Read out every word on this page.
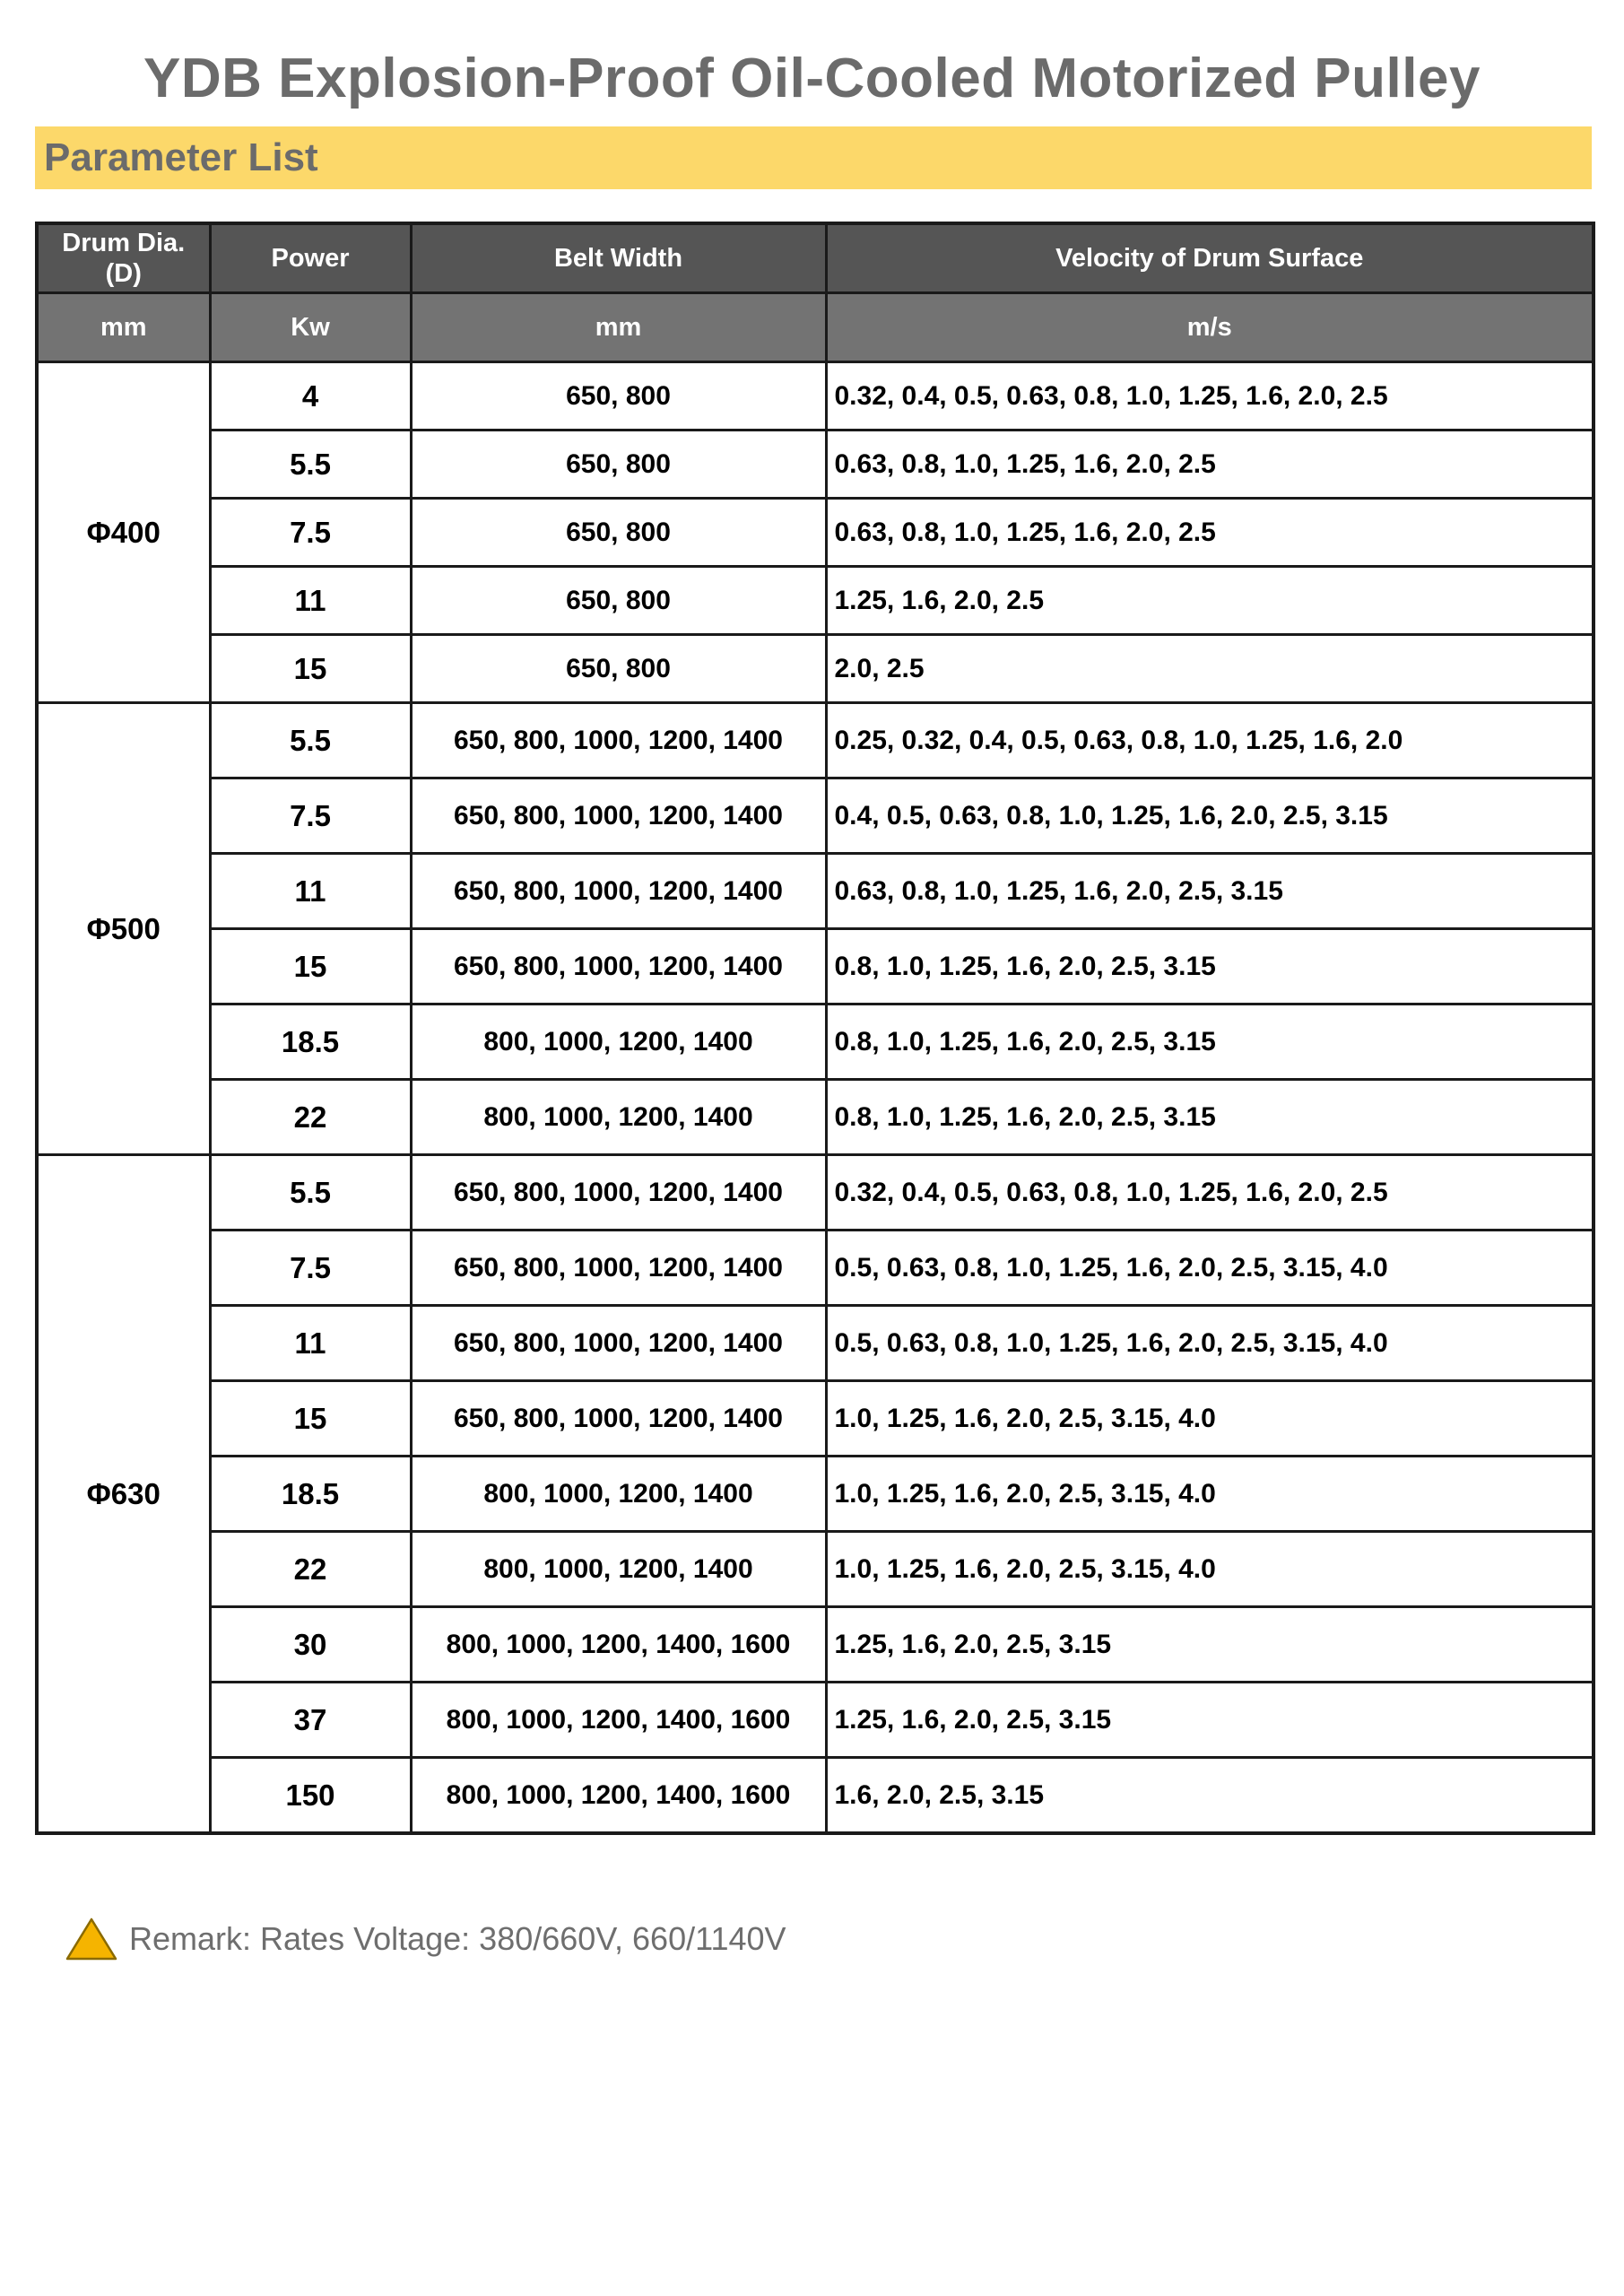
YDB Explosion-Proof Oil-Cooled Motorized Pulley
Parameter List
Drum Dia. (D)	Power	Belt Width	Velocity of Drum Surface
mm	Kw	mm	m/s
Φ400	4	650, 800	0.32, 0.4, 0.5, 0.63, 0.8, 1.0, 1.25, 1.6, 2.0, 2.5
	5.5	650, 800	0.63, 0.8, 1.0, 1.25, 1.6, 2.0, 2.5
	7.5	650, 800	0.63, 0.8, 1.0, 1.25, 1.6, 2.0, 2.5
	11	650, 800	1.25, 1.6, 2.0, 2.5
	15	650, 800	2.0, 2.5
Φ500	5.5	650, 800, 1000, 1200, 1400	0.25, 0.32, 0.4, 0.5, 0.63, 0.8, 1.0, 1.25, 1.6, 2.0
	7.5	650, 800, 1000, 1200, 1400	0.4, 0.5, 0.63, 0.8, 1.0, 1.25, 1.6, 2.0, 2.5, 3.15
	11	650, 800, 1000, 1200, 1400	0.63, 0.8, 1.0, 1.25, 1.6, 2.0, 2.5, 3.15
	15	650, 800, 1000, 1200, 1400	0.8, 1.0, 1.25, 1.6, 2.0, 2.5, 3.15
	18.5	800, 1000, 1200, 1400	0.8, 1.0, 1.25, 1.6, 2.0, 2.5, 3.15
	22	800, 1000, 1200, 1400	0.8, 1.0, 1.25, 1.6, 2.0, 2.5, 3.15
Φ630	5.5	650, 800, 1000, 1200, 1400	0.32, 0.4, 0.5, 0.63, 0.8, 1.0, 1.25, 1.6, 2.0, 2.5
	7.5	650, 800, 1000, 1200, 1400	0.5, 0.63, 0.8, 1.0, 1.25, 1.6, 2.0, 2.5, 3.15, 4.0
	11	650, 800, 1000, 1200, 1400	0.5, 0.63, 0.8, 1.0, 1.25, 1.6, 2.0, 2.5, 3.15, 4.0
	15	650, 800, 1000, 1200, 1400	1.0, 1.25, 1.6, 2.0, 2.5, 3.15, 4.0
	18.5	800, 1000, 1200, 1400	1.0, 1.25, 1.6, 2.0, 2.5, 3.15, 4.0
	22	800, 1000, 1200, 1400	1.0, 1.25, 1.6, 2.0, 2.5, 3.15, 4.0
	30	800, 1000, 1200, 1400, 1600	1.25, 1.6, 2.0, 2.5, 3.15
	37	800, 1000, 1200, 1400, 1600	1.25, 1.6, 2.0, 2.5, 3.15
	150	800, 1000, 1200, 1400, 1600	1.6, 2.0, 2.5, 3.15
Remark: Rates Voltage: 380/660V, 660/1140V
